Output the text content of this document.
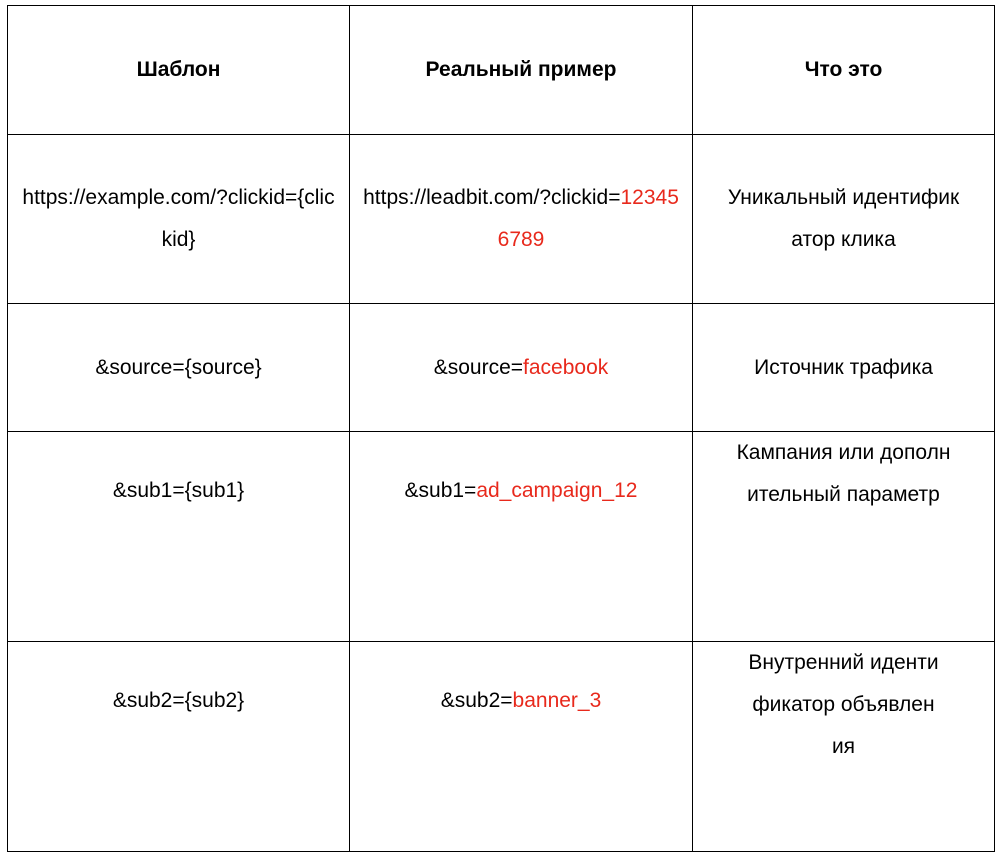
Шаблон	Реальный пример	Что это
https://example.com/?clickid={clickid}	https://leadbit.com/?clickid=123456789	Уникальный идентификатор клика
&source={source}	&source=facebook	Источник трафика
&sub1={sub1}	&sub1=ad_campaign_12	Кампания или дополнительный параметр
&sub2={sub2}	&sub2=banner_3	Внутренний идентификатор объявления
